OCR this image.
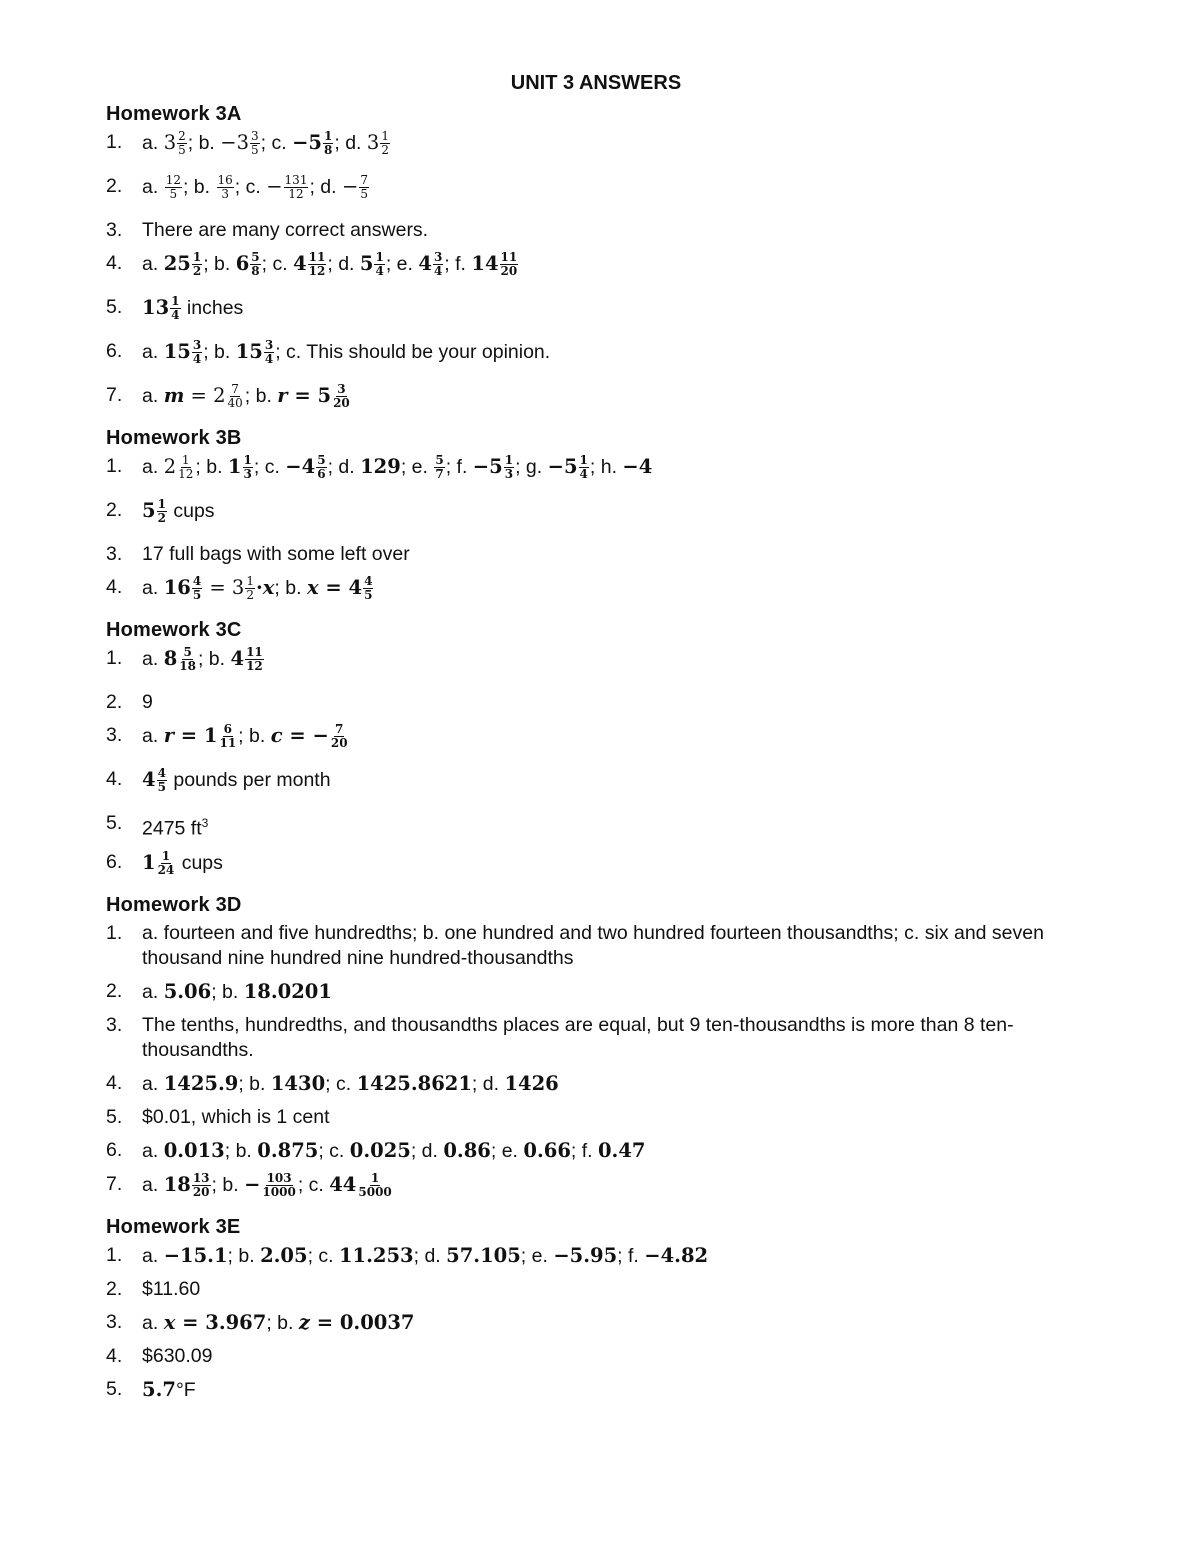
UNIT 3 ANSWERS
Homework 3A
1. a. $3 \frac{2}{5}$ ; b. $-3 \frac{3}{5}$ ; c. $-5 \frac{1}{8}$ ; d. $3 \frac{1}{2}$
2. a. $\frac{12}{5}$ ; b. $\frac{16}{3}$ ; c. − $\frac{131}{12}$ ; d. − $\frac{7}{5}$
3. There are many correct answers.
4. a. $25 \frac{1}{2}$ ; b. $6 \frac{5}{8}$ ; c. $4 \frac{11}{12}$ ; d. $5 \frac{1}{4}$ ; e. $4 \frac{3}{4}$ ; f. $14 \frac{11}{20}$
5. $13 \frac{1}{4}$ inches
6. a. $15 \frac{3}{4}$ ; b. $15 \frac{3}{4}$ ; c. This should be your opinion.
7. a. $m = 2 \frac{7}{40}$ ; b. $r = 5 \frac{3}{20}$
Homework 3B
1. a. $2 \frac{1}{12}$ ; b. $1 \frac{1}{3}$ ; c. $-4 \frac{5}{6}$ ; d. 129; e. $\frac{5}{7}$ ; f. $-5 \frac{1}{3}$ ; g. $-5 \frac{1}{4}$ ; h. −4
2. $5 \frac{1}{2}$ cups
3. 17 full bags with some left over
4. a. $16 \frac{4}{5} = 3 \frac{1}{2} \cdot x$; b. $x = 4 \frac{4}{5}$
Homework 3C
1. a. $8 \frac{5}{18}$ ; b. $4 \frac{11}{12}$
2. 9
3. a. $r = 1 \frac{6}{11}$ ; b. c = − $\frac{7}{20}$
4. $4 \frac{4}{5}$ pounds per month
5. 2475 $ft^3$
6. $1 \frac{1}{24}$ cups
Homework 3D
1. a. fourteen and five hundredths; b. one hundred and two hundred fourteen thousandths; c. six and seven thousand nine hundred nine hundred-thousandths
2. a. 5.06; b. 18.0201
3. The tenths, hundredths, and thousandths places are equal, but 9 ten-thousandths is more than 8 ten-thousandths.
4. a. 1425.9; b. 1430; c. 1425.8621; d. 1426
5. $0.01, which is 1 cent
6. a. 0.013; b. 0.875; c. 0.025; d. 0.86; e. 0.66; f. 0.47
7. a. $18 \frac{13}{20}$ ; b. − $\frac{103}{1000}$ ; c. $44 \frac{1}{5000}$
Homework 3E
1. a. −15.1; b. 2.05; c. 11.253; d. 57.105; e. −5.95; f. −4.82
2. $11.60
3. a. x = 3.967; b. z = 0.0037
4. $630.09
5. 5.7°F
